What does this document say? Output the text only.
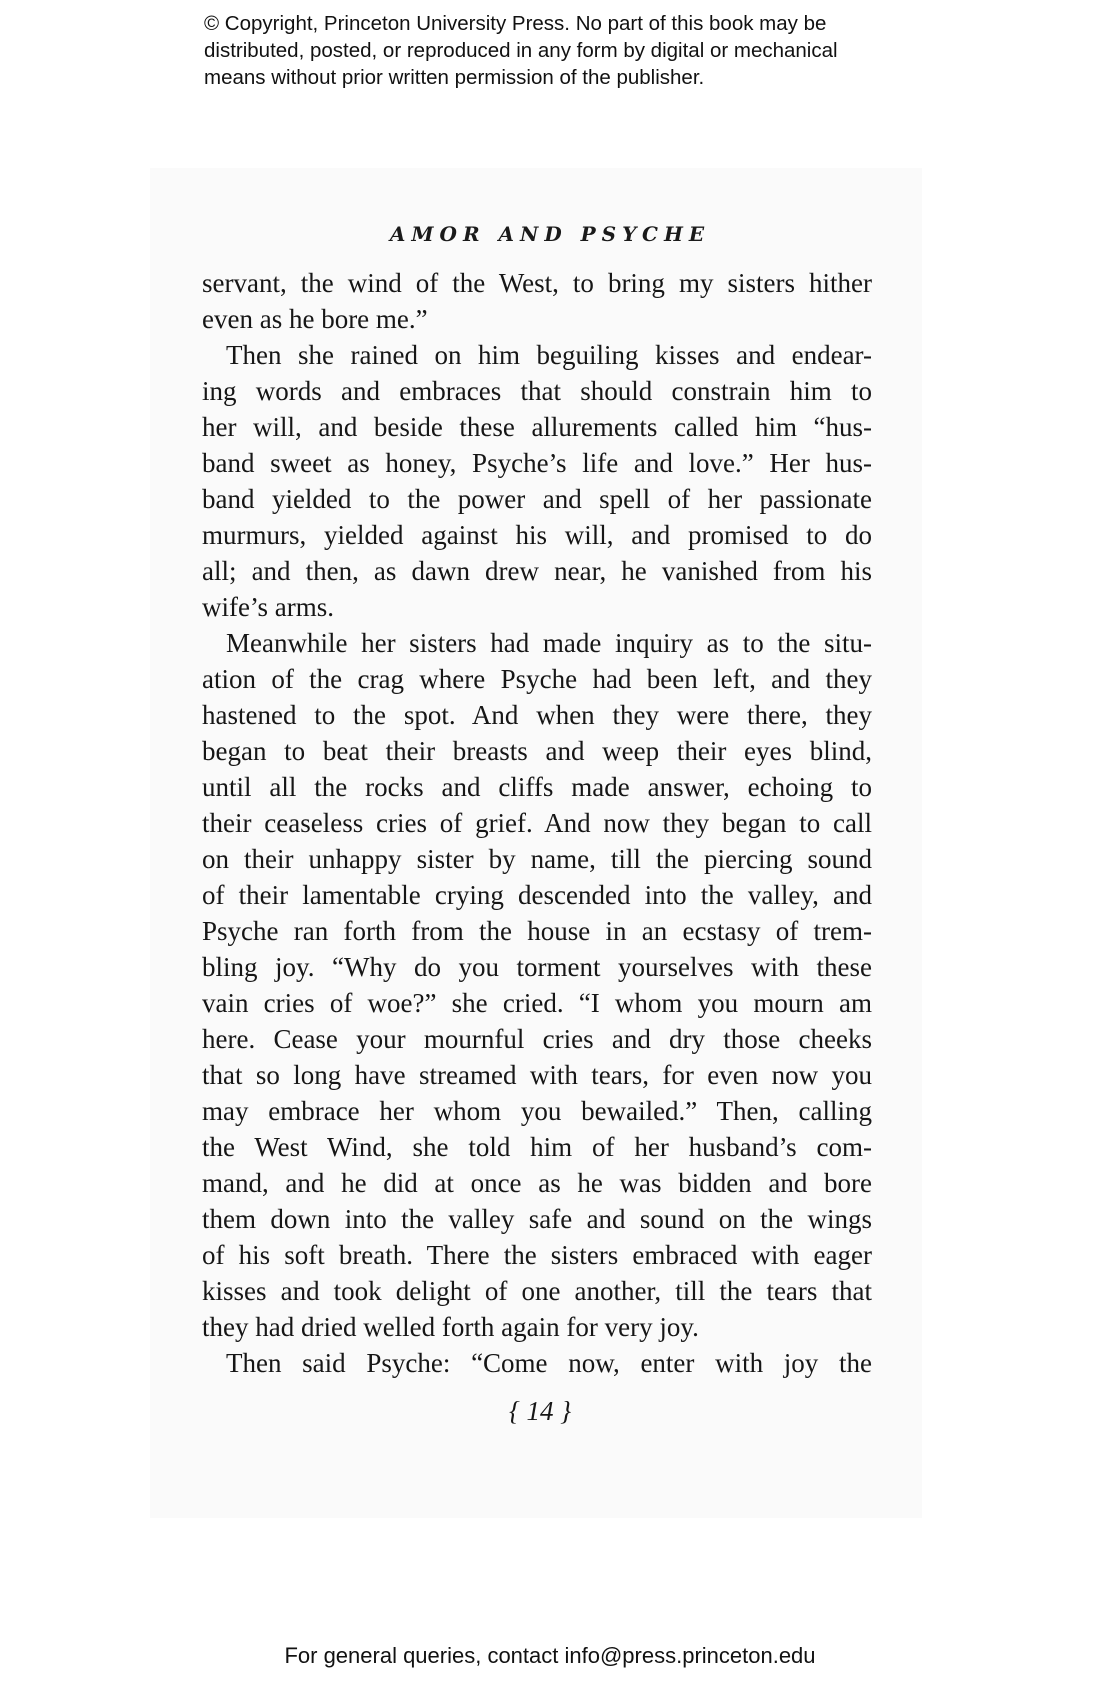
© Copyright, Princeton University Press. No part of this book may be
distributed, posted, or reproduced in any form by digital or mechanical
means without prior written permission of the publisher.
AMOR AND PSYCHE
servant, the wind of the West, to bring my sisters hither
even as he bore me.”
Then she rained on him beguiling kisses and endear-
ing words and embraces that should constrain him to
her will, and beside these allurements called him “hus-
band sweet as honey, Psyche’s life and love.” Her hus-
band yielded to the power and spell of her passionate
murmurs, yielded against his will, and promised to do
all; and then, as dawn drew near, he vanished from his
wife’s arms.
Meanwhile her sisters had made inquiry as to the situ-
ation of the crag where Psyche had been left, and they
hastened to the spot. And when they were there, they
began to beat their breasts and weep their eyes blind,
until all the rocks and cliffs made answer, echoing to
their ceaseless cries of grief. And now they began to call
on their unhappy sister by name, till the piercing sound
of their lamentable crying descended into the valley, and
Psyche ran forth from the house in an ecstasy of trem-
bling joy. “Why do you torment yourselves with these
vain cries of woe?” she cried. “I whom you mourn am
here. Cease your mournful cries and dry those cheeks
that so long have streamed with tears, for even now you
may embrace her whom you bewailed.” Then, calling
the West Wind, she told him of her husband’s com-
mand, and he did at once as he was bidden and bore
them down into the valley safe and sound on the wings
of his soft breath. There the sisters embraced with eager
kisses and took delight of one another, till the tears that
they had dried welled forth again for very joy.
Then said Psyche: “Come now, enter with joy the
{ 14 }
For general queries, contact info@press.princeton.edu
